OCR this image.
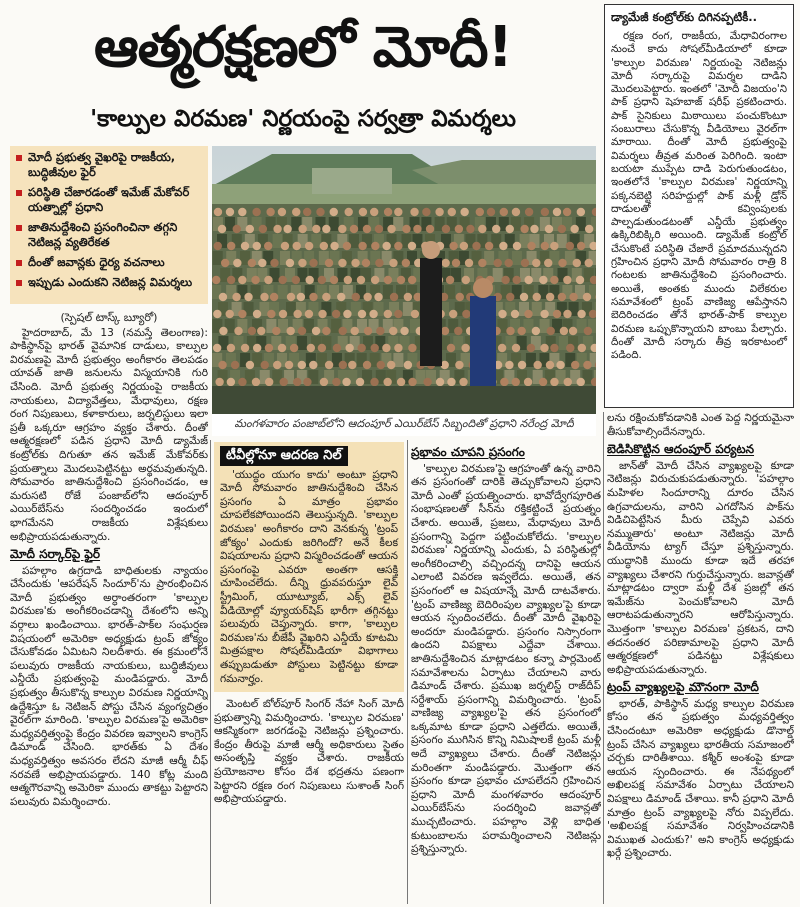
ఆత్మరక్షణలో మోదీ!
'కాల్పుల విరమణ' నిర్ణయంపై సర్వత్రా విమర్శలు
మోదీ ప్రభుత్వ వైఖరిపై రాజకీయ, బుద్ధిజీవుల ఫైర్
పరిస్థితి చేజారడంతో ఇమేజ్ మేకోవర్ యత్నాల్లో ప్రధాని
జాతినుద్దేశించి ప్రసంగించినా తగ్గని నెటిజన్ల వ్యతిరేకత
దీంతో జవాన్లకు ధైర్య వచనాలు
ఇప్పుడు ఎందుకని నెటిజన్ల విమర్శలు
మంగళవారం పంజాబ్‌లోని ఆదంపూర్ ఎయిర్‌బేస్ సిబ్బందితో ప్రధాని నరేంద్ర మోదీ
డ్యామేజీ కంట్రోల్‌కు దిగినప్పటికీ..

రక్షణ రంగ, రాజకీయ, మేధావిరంగాల నుంచే కాదు సోషల్‌మీడియాలో కూడా 'కాల్పుల విరమణ' నిర్ణయంపై నెటిజన్లు మోదీ సర్కారుపై విమర్శల దాడిని మొదలుపెట్టారు. ఇంతలో 'మోదీ విజయం'ని పాక్ ప్రధాని షెహబాజ్ షరీఫ్ ప్రకటించారు. పాక్ సైనికులు మిఠాయిలు పంచుకొంటూ సంబురాలు చేసుకొన్న వీడియోలు వైరల్‌గా మారాయి. దీంతో మోదీ ప్రభుత్వంపై విమర్శలు తీవ్రత మరింత పెరిగింది. ఇంటా బయటా ముప్పేట దాడి పెరుగుతుండటం, ఇంతలోనే 'కాల్పుల విరమణ' నిర్ణయాన్ని పక్కనబెట్టి సరిహద్దుల్లో పాక్ మళ్లీ డ్రోన్ దాడులతో కవ్వింపులకు పాల్పడుతుండటంతో ఎన్డీయే ప్రభుత్వం ఉక్కిరిబిక్కిరి అయింది. డ్యామేజ్ కంట్రోల్ చేసుకొంటే పరిస్థితి చేజారే ప్రమాదమున్నదని గ్రహించిన ప్రధాని మోదీ సోమవారం రాత్రి 8 గంటలకు జాతినుద్దేశించి ప్రసంగించారు. అయితే, అంతకు ముందు విలేకరుల సమావేశంలో ట్రంప్ వాణిజ్య ఆపేస్తానని బెదిరించడం తోనే భారత్-పాక్ కాల్పుల విరమణ ఒప్పుకొన్నాయని బాంబు పేల్చారు. దీంతో మోదీ సర్కారు తీవ్ర ఇరకాటంలో పడింది.

(స్పెషల్ టాస్క్ బ్యూరో)

హైదరాబాద్, మే 13 (నమస్తే తెలంగాణ): పాకిస్థాన్‌పై భారత్ వైమానిక దాడులు, కాల్పుల విరమణపై మోదీ ప్రభుత్వం అంగీకారం తెలపడం యావత్ జాతి జనులను విస్మయానికి గురి చేసింది. మోదీ ప్రభుత్వ నిర్ణయంపై రాజకీయ నాయకులు, విద్యావేత్తలు, మేధావులు, రక్షణ రంగ నిపుణులు, కళాకారులు, జర్నలిస్టులు ఇలా ప్రతీ ఒక్కరూ ఆగ్రహం వ్యక్తం చేశారు. దీంతో ఆత్మరక్షణలో పడిన ప్రధాని మోదీ డ్యామేజ్ కంట్రోల్‌కు దిగుతూ తన ఇమేజ్ మేకోవర్‌కు ప్రయత్నాలు మొదలుపెట్టినట్టు అర్థమవుతున్నది. సోమవారం జాతినుద్దేశించి ప్రసంగించడం, ఆ మరుసటి రోజే పంజాబ్‌లోని ఆదంపూర్ ఎయిర్‌బేస్‌ను సందర్శించడం ఇందులో భాగమేనని రాజకీయ విశ్లేషకులు అభిప్రాయపడుతున్నారు.

మోదీ సర్కార్‌పై ఫైర్

పహల్గాం ఉగ్రదాడి బాధితులకు న్యాయం చేసేందుకు 'ఆపరేషన్ సిందూర్'ను ప్రారంభించిన మోదీ ప్రభుత్వం అర్ధాంతరంగా 'కాల్పుల విరమణ'కు అంగీకరించడాన్ని దేశంలోని అన్ని వర్గాలు ఖండించాయి. భారత్-పాక్‌ల సంఘర్షణ విషయంలో అమెరికా అధ్యక్షుడు ట్రంప్ జోక్యం చేసుకోవడం ఏమిటని నిలదీశారు. ఈ క్రమంలోనే పలువురు రాజకీయ నాయకులు, బుద్ధిజీవులు ఎన్డీయే ప్రభుత్వంపై మండిపడ్డారు. మోదీ ప్రభుత్వం తీసుకొన్న కాల్పుల విరమణ నిర్ణయాన్ని ఉద్దేశిస్తూ ఓ నెటిజన్ పోస్టు చేసిన వ్యంగ్యచిత్రం వైరల్‌గా మారింది. 'కాల్పుల విరమణ'పై అమెరికా మధ్యవర్తిత్వంపై కేంద్రం వివరణ ఇవ్వాలని కాంగ్రెస్ డిమాండ్ చేసింది. భారత్‌కు ఏ దేశం మధ్యవర్తిత్వం అవసరం లేదని మాజీ ఆర్మీ చీఫ్ నరవణే అభిప్రాయపడ్డారు. 140 కోట్ల మంది ఆత్మగౌరవాన్ని అమెరికా ముందు తాకట్టు పెట్టారని పలువురు విమర్శించారు.

టీవీల్లోనూ ఆదరణ నిల్

'యుద్ధం యుగం కాదు' అంటూ ప్రధాని మోదీ సోమవారం జాతినుద్దేశించి చేసిన ప్రసంగం ఏ మాత్రం ప్రభావం చూపలేకపోయిందని తెలుస్తున్నది. 'కాల్పుల విరమణ' అంగీకారం దాని వెనకున్న 'ట్రంప్ జోక్యం' ఎందుకు జరిగిందో? అనే కీలక విషయాలను ప్రధాని విస్మరించడంతో ఆయన ప్రసంగంపై ఎవరూ అంతగా ఆసక్తి చూపించలేదు. దీన్ని ధ్రువపరుస్తూ లైవ్ స్ట్రీమింగ్, యూట్యూబ్, ఎక్స్ లైవ్ వీడియోల్లో వ్యూయర్‌షిప్ భారీగా తగ్గినట్టు పలువురు చెప్తున్నారు. కాగా, 'కాల్పుల విరమణ'ను బీజేపీ వైఖరిని ఎన్డీయే కూటమి మిత్రపక్షాల సోషల్‌మీడియా విభాగాలు తప్పుబడుతూ పోస్టులు పెట్టినట్టు కూడా గమనార్హం.

మెంటల్ బోల్‌పూర్ సింగర్ నేహా సింగ్ మోదీ ప్రభుత్వాన్ని విమర్శించారు. 'కాల్పుల విరమణ' ఆకస్మికంగా జరగడంపై నెటిజన్లు ప్రశ్నించారు. కేంద్రం తీరుపై మాజీ ఆర్మీ అధికారులు సైతం అసంతృప్తి వ్యక్తం చేశారు. రాజకీయ ప్రయోజనాల కోసం దేశ భద్రతను పణంగా పెట్టారని రక్షణ రంగ నిపుణులు సుశాంత్ సింగ్ అభిప్రాయపడ్డారు.

ప్రభావం చూపని ప్రసంగం

'కాల్పుల విరమణ'పై ఆగ్రహంతో ఉన్న వారిని తన ప్రసంగంతో దారికి తెచ్చుకోవాలని ప్రధాని మోదీ ఎంతో ప్రయత్నించారు. భావోద్వేగపూరిత సంభాషణలతో సీన్‌ను రక్తికట్టించే ప్రయత్నం చేశారు. అయితే, ప్రజలు, మేధావులు మోదీ ప్రసంగాన్ని పెద్దగా పట్టించుకోలేదు. 'కాల్పుల విరమణ' నిర్ణయాన్ని ఎందుకు, ఏ పరిస్థితుల్లో అంగీకరించాల్సి వచ్చిందన్న దానిపై ఆయన ఎలాంటి వివరణ ఇవ్వలేదు. అయితే, తన ప్రసంగంలో ఆ విషయాన్నే మోదీ దాటవేశారు. 'ట్రంప్ వాణిజ్య బెదిరింపుల వ్యాఖ్యల'పై కూడా ఆయన స్పందించలేదు. దీంతో మోదీ వైఖరిపై అందరూ మండిపడ్డారు. ప్రసంగం నిస్సారంగా ఉందని విపక్షాలు ఎద్దేవా చేశాయి. జాతినుద్దేశించిన మాట్లాడటం కన్నా పార్లమెంట్ సమావేశాలను ఏర్పాటు చేయాలని వారు డిమాండ్ చేశారు. ప్రముఖ జర్నలిస్ట్ రాజ్‌దీప్ సర్దేశాయ్ ప్రసంగాన్ని విమర్శించారు. 'ట్రంప్ వాణిజ్య వ్యాఖ్యల'పై తన ప్రసంగంలో ఒక్కమాట కూడా ప్రధాని ఎత్తలేదు. అయితే, ప్రసంగం ముగిసిన కొన్ని నిమిషాలకే ట్రంప్ మళ్లీ అదే వ్యాఖ్యలు చేశారు. దీంతో నెటిజన్లు మరింతగా మండిపడ్డారు. మొత్తంగా తన ప్రసంగం కూడా ప్రభావం చూపలేదని గ్రహించిన ప్రధాని మోదీ మంగళవారం ఆదంపూర్ ఎయిర్‌బేస్‌ను సందర్శించి జవాన్లతో ముచ్చటించారు. పహల్గాం వెళ్లి బాధిత కుటుంబాలను పరామర్శించాలని నెటిజన్లు ప్రశ్నిస్తున్నారు.

లను రక్షించుకోవడానికి ఎంత పెద్ద నిర్ణయమైనా తీసుకోవాల్సిందేనన్నారు.

బెడిసికొట్టిన ఆదంపూర్ పర్యటన

జాన్‌తో మోదీ చేసిన వ్యాఖ్యలపై కూడా నెటిజన్లు విరుచుకుపడుతున్నారు. 'పహల్గాం మహిళల సిందూరాన్ని దూరం చేసిన ఉగ్రవాదులను, వారిని ఎగదోసిన పాక్‌ను విడిచిపెట్టేసిన మీరు చెప్పేవి ఎవరు నమ్ముతారు' అంటూ నెటిజన్లు మోదీ వీడియోను ట్యాగ్ చేస్తూ ప్రశ్నిస్తున్నారు. యుద్ధానికి ముందు కూడా ఇదే తరహా వ్యాఖ్యలు చేశారని గుర్తుచేస్తున్నారు. జవాన్లతో మాట్లాడటం ద్వారా మళ్లీ దేశ ప్రజల్లో తన ఇమేజ్‌ను పెంచుకోవాలని మోదీ ఆరాటపడుతున్నారని ఆరోపిస్తున్నారు. మొత్తంగా 'కాల్పుల విరమణ' ప్రకటన, దాని తదనంతర పరిణామాలపై ప్రధాని మోదీ ఆత్మరక్షణలో పడినట్టు విశ్లేషకులు అభిప్రాయపడుతున్నారు.

ట్రంప్ వ్యాఖ్యలపై మౌనంగా మోదీ

భారత్, పాకిస్థాన్ మధ్య కాల్పుల విరమణ కోసం తన ప్రభుత్వం మధ్యవర్తిత్వం చేసిందంటూ అమెరికా అధ్యక్షుడు డొనాల్డ్ ట్రంప్ చేసిన వ్యాఖ్యలు భారతీయ సమాజంలో చర్చకు దారితీశాయి. కశ్మీర్ అంశంపై కూడా ఆయన స్పందించారు. ఈ నేపథ్యంలో అఖిలపక్ష సమావేశం ఏర్పాటు చేయాలని విపక్షాలు డిమాండ్ చేశాయి. కానీ ప్రధాని మోదీ మాత్రం ట్రంప్ వ్యాఖ్యలపై నోరు విప్పలేదు. 'అఖిలపక్ష సమావేశం నిర్వహించడానికి విముఖత ఎందుకు?' అని కాంగ్రెస్ అధ్యక్షుడు ఖర్గే ప్రశ్నించారు.
